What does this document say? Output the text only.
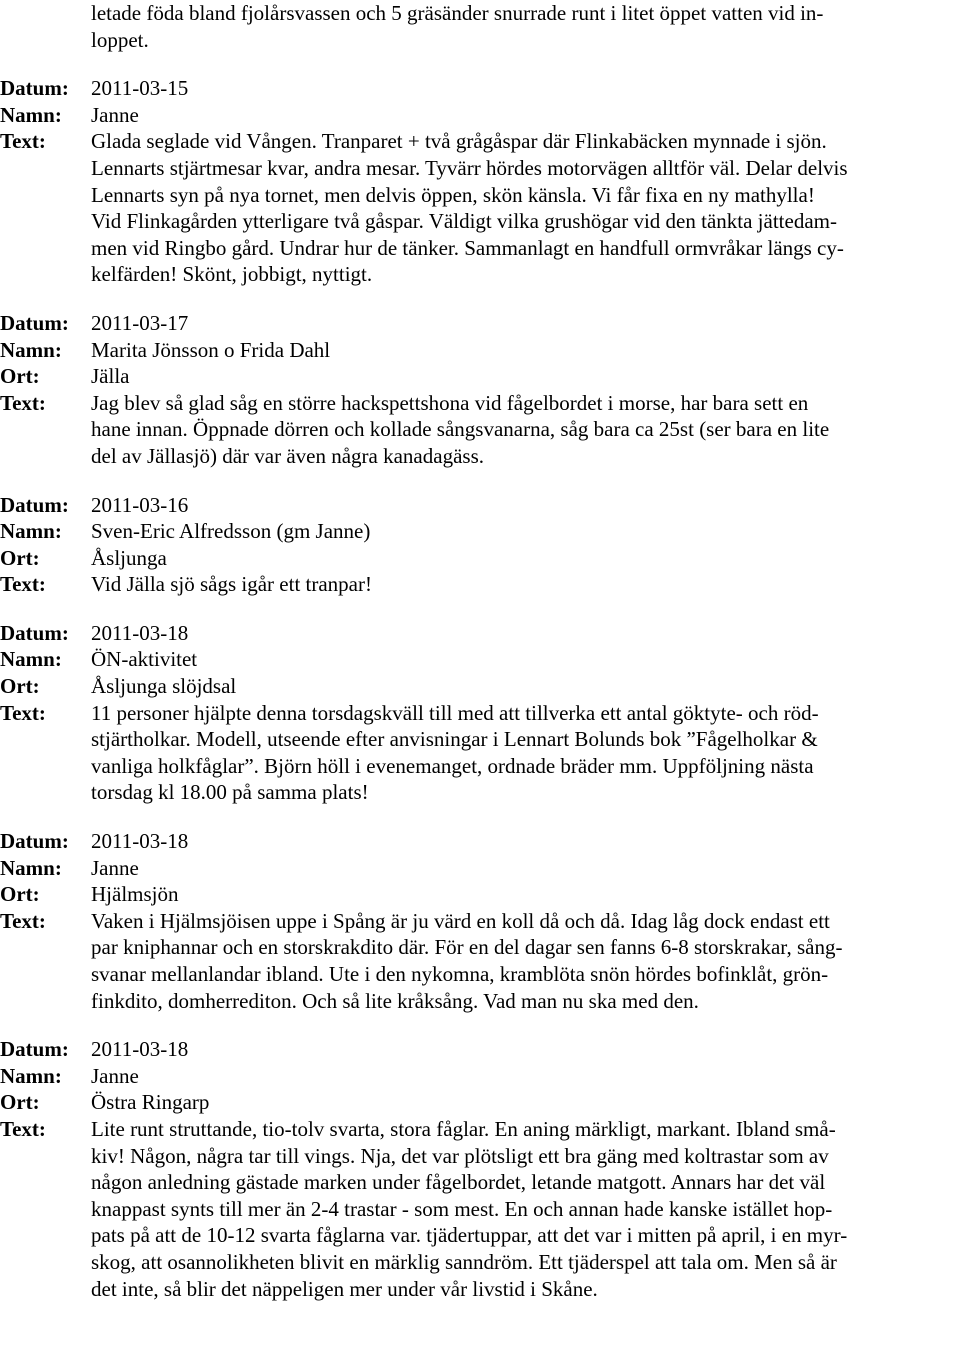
letade föda bland fjolårsvassen och 5 gräsänder snurrade runt i litet öppet vatten vid in-
loppet.
Datum:	2011-03-15
Namn:	Janne
Text:	Glada seglade vid Vången. Tranparet + två grågåspar där Flinkabäcken mynnade i sjön.
Lennarts stjärtmesar kvar, andra mesar. Tyvärr hördes motorvägen alltför väl. Delar delvis
Lennarts syn på nya tornet, men delvis öppen, skön känsla. Vi får fixa en ny mathylla!
Vid Flinkagården ytterligare två gåspar. Väldigt vilka grushögar vid den tänkta jättedam-
men vid Ringbo gård. Undrar hur de tänker. Sammanlagt en handfull ormvråkar längs cy-
kelfärden! Skönt, jobbigt, nyttigt.
Datum:	2011-03-17
Namn:	Marita Jönsson o Frida Dahl
Ort:	Jälla
Text:	Jag blev så glad såg en större hackspettshona vid fågelbordet i morse, har bara sett en
hane innan. Öppnade dörren och kollade sångsvanarna, såg bara ca 25st (ser bara en lite
del av Jällasjö) där var även några kanadagäss.
Datum:	2011-03-16
Namn:	Sven-Eric Alfredsson (gm Janne)
Ort:	Åsljunga
Text:	Vid Jälla sjö sågs igår ett tranpar!
Datum:	2011-03-18
Namn:	ÖN-aktivitet
Ort:	Åsljunga slöjdsal
Text:	11 personer hjälpte denna torsdagskväll till med att tillverka ett antal göktyte- och röd-
stjärtholkar. Modell, utseende efter anvisningar i Lennart Bolunds bok ”Fågelholkar &
vanliga holkfåglar”. Björn höll i evenemanget, ordnade bräder mm. Uppföljning nästa
torsdag kl 18.00 på samma plats!
Datum:	2011-03-18
Namn:	Janne
Ort:	Hjälmsjön
Text:	Vaken i Hjälmsjöisen uppe i Spång är ju värd en koll då och då. Idag låg dock endast ett
par kniphannar och en storskrakdito där. För en del dagar sen fanns 6-8 storskrakar, sång-
svanar mellanlandar ibland. Ute i den nykomna, kramblöta snön hördes bofinklåt, grön-
finkdito, domherrediton. Och så lite kråksång. Vad man nu ska med den.
Datum:	2011-03-18
Namn:	Janne
Ort:	Östra Ringarp
Text:	Lite runt struttande, tio-tolv svarta, stora fåglar. En aning märkligt, markant. Ibland små-
kiv! Någon, några tar till vings. Nja, det var plötsligt ett bra gäng med koltrastar som av
någon anledning gästade marken under fågelbordet, letande matgott. Annars har det väl
knappast synts till mer än 2-4 trastar - som mest. En och annan hade kanske istället hop-
pats på att de 10-12 svarta fåglarna var. tjädertuppar, att det var i mitten på april, i en myr-
skog, att osannolikheten blivit en märklig sanndröm. Ett tjäderspel att tala om. Men så är
det inte, så blir det näppeligen mer under vår livstid i Skåne.
